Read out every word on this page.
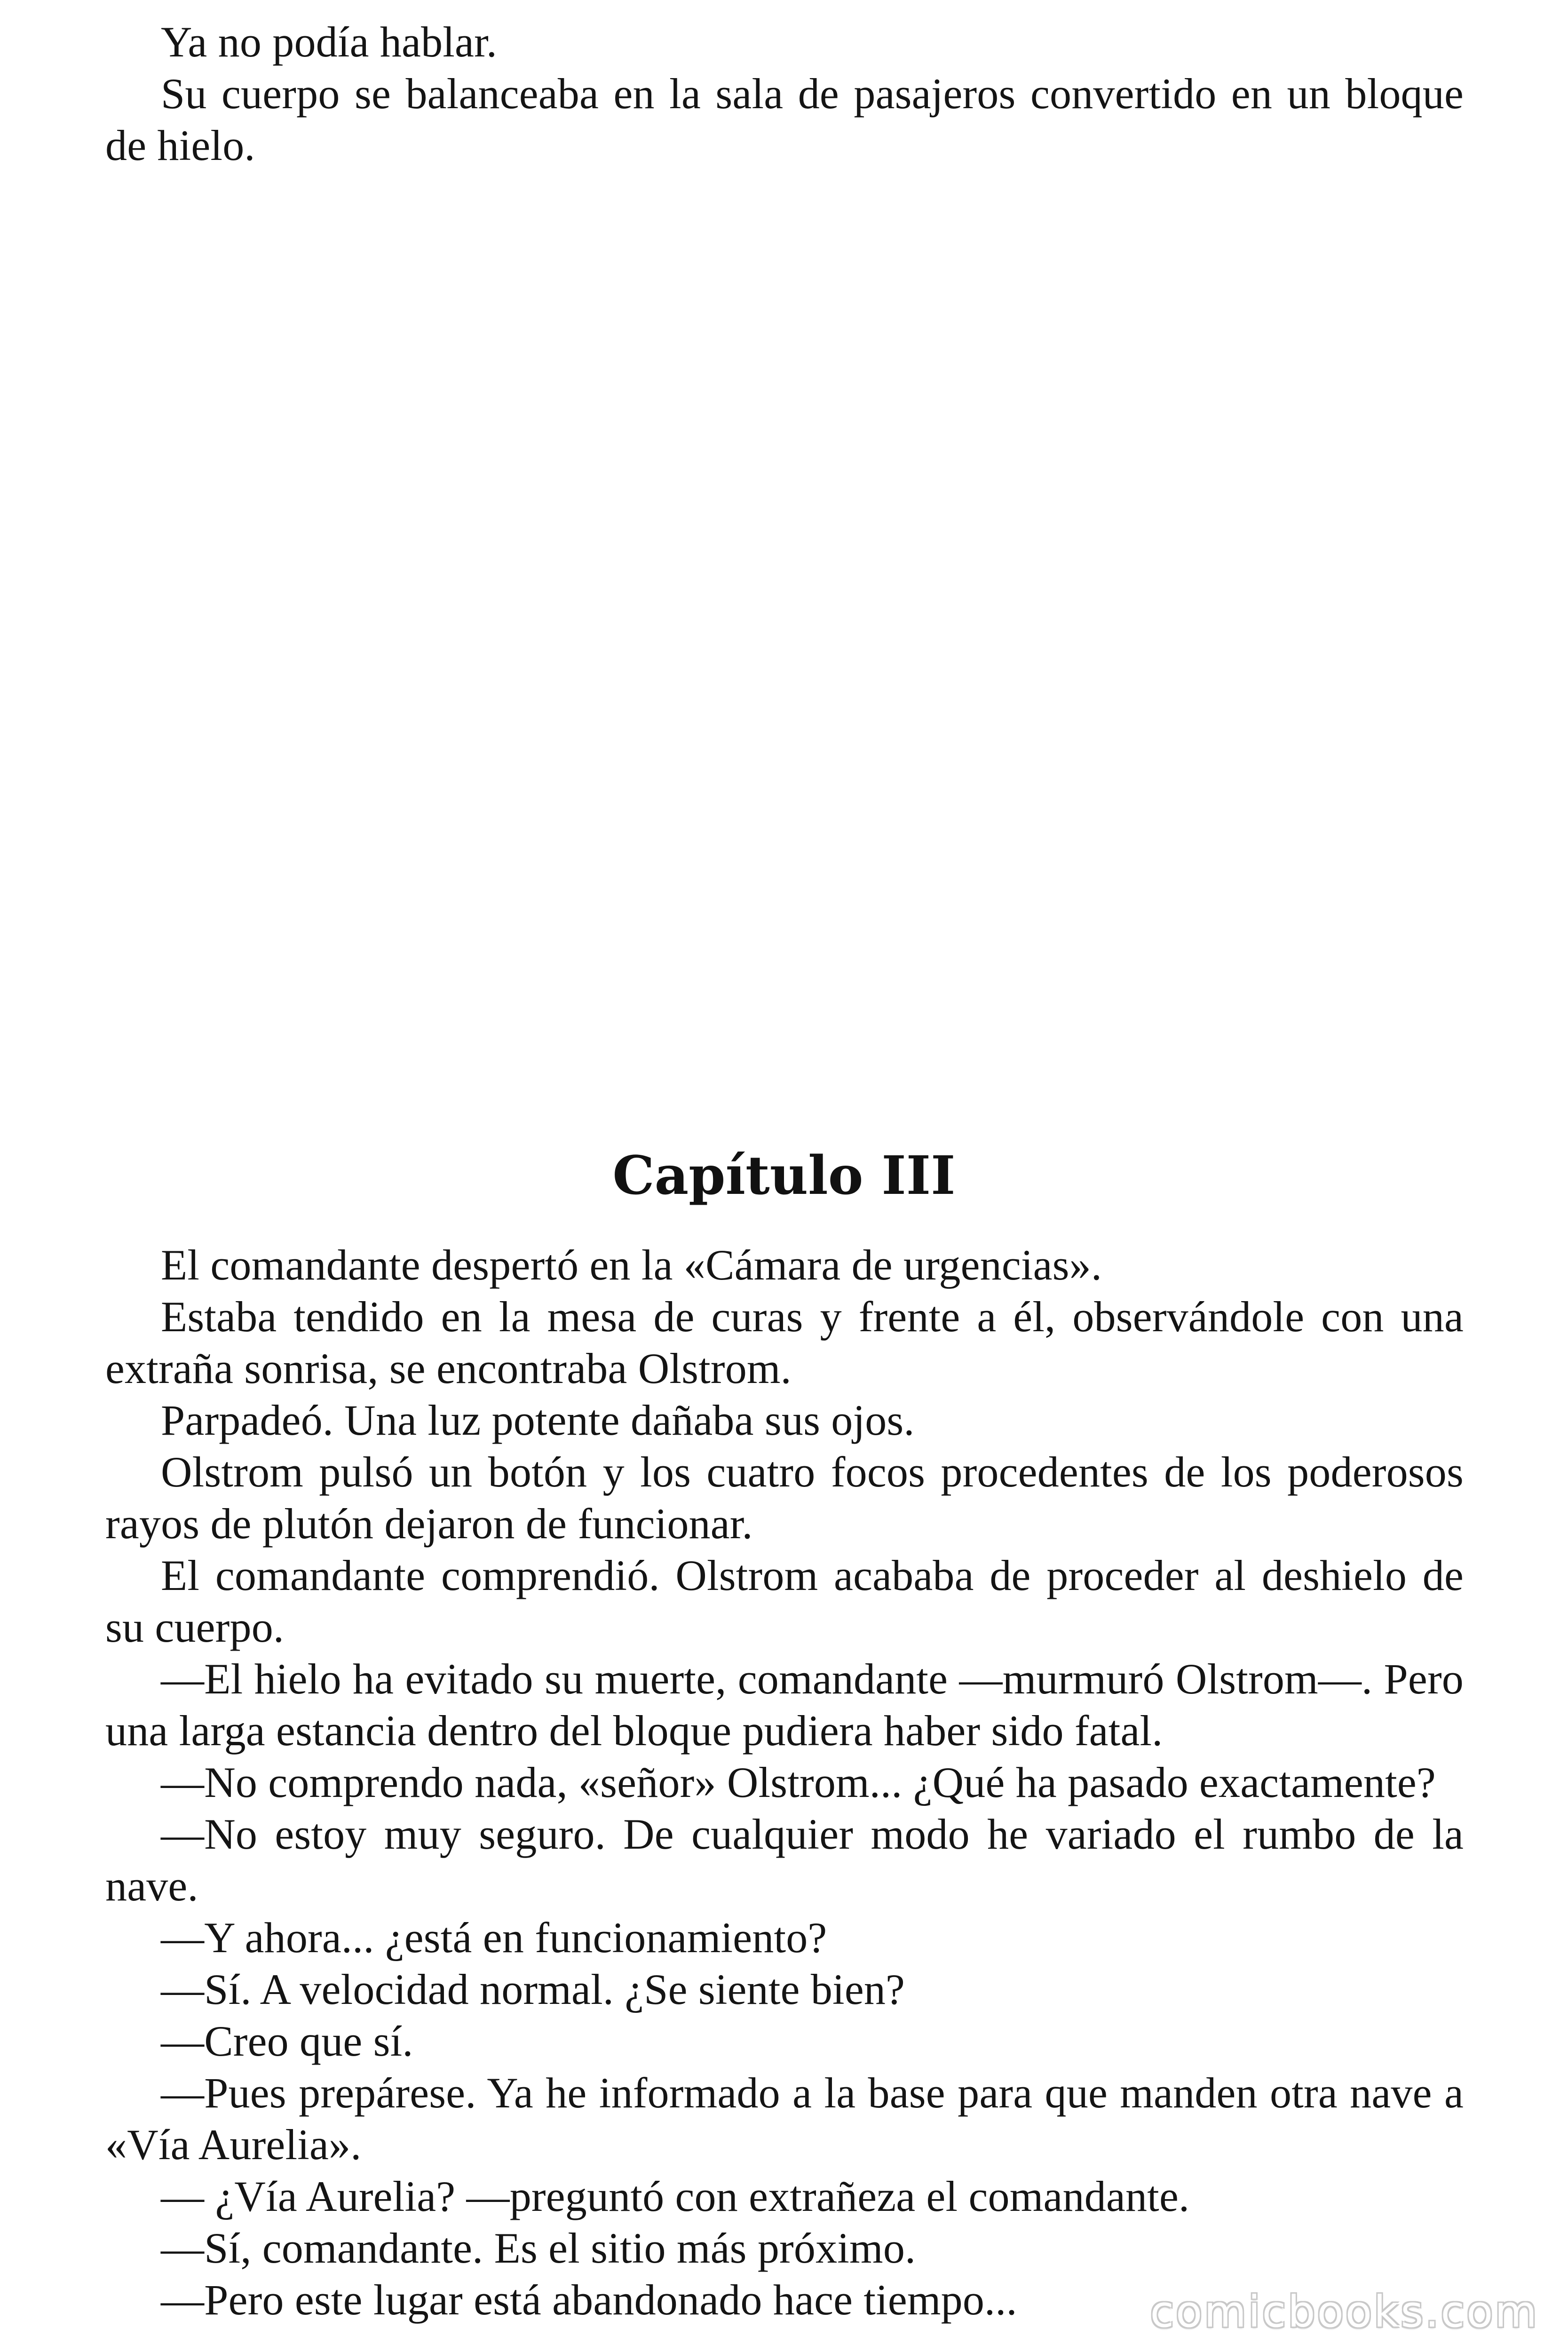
Ya no podía hablar.

Su cuerpo se balanceaba en la sala de pasajeros convertido en un bloque de hielo.

Capítulo III

El comandante despertó en la «Cámara de urgencias».

Estaba tendido en la mesa de curas y frente a él, observándole con una extraña sonrisa, se encontraba Olstrom.

Parpadeó. Una luz potente dañaba sus ojos.

Olstrom pulsó un botón y los cuatro focos procedentes de los poderosos rayos de plutón dejaron de funcionar.

El comandante comprendió. Olstrom acababa de proceder al deshielo de su cuerpo.

—El hielo ha evitado su muerte, comandante —murmuró Olstrom—. Pero una larga estancia dentro del bloque pudiera haber sido fatal.

—No comprendo nada, «señor» Olstrom... ¿Qué ha pasado exactamente?

—No estoy muy seguro. De cualquier modo he variado el rumbo de la nave.

—Y ahora... ¿está en funcionamiento?

—Sí. A velocidad normal. ¿Se siente bien?

—Creo que sí.

—Pues prepárese. Ya he informado a la base para que manden otra nave a «Vía Aurelia».

— ¿Vía Aurelia? —preguntó con extrañeza el comandante.

—Sí, comandante. Es el sitio más próximo.

—Pero este lugar está abandonado hace tiempo...	comicbooks.com
